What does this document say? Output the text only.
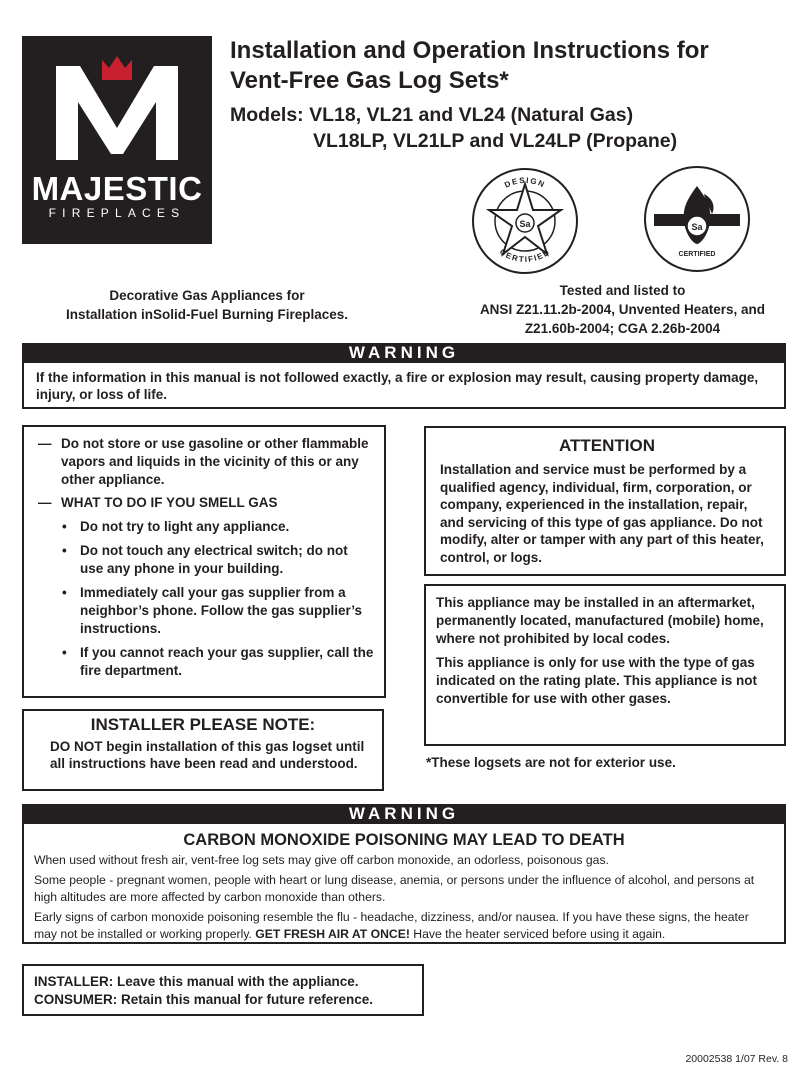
MAJESTIC
FIREPLACES
Installation and Operation Instructions for
Vent-Free Gas Log Sets*
Models: VL18, VL21 and VL24 (Natural Gas)
VL18LP, VL21LP and VL24LP (Propane)
Sa
DESIGN
CERTIFIED
Sa
CERTIFIED
Decorative Gas Appliances for
Installation inSolid-Fuel Burning Fireplaces.
Tested and listed to
ANSI Z21.11.2b-2004, Unvented Heaters, and
Z21.60b-2004; CGA 2.26b-2004
WARNING
If the information in this manual is not followed exactly, a fire or explosion may result, causing property damage, injury, or loss of life.
— Do not store or use gasoline or other flammable vapors and liquids in the vicinity of this or any other appliance.
— WHAT TO DO IF YOU SMELL GAS
• Do not try to light any appliance.
• Do not touch any electrical switch; do not use any phone in your building.
• Immediately call your gas supplier from a neighbor’s phone. Follow the gas supplier’s instructions.
• If you cannot reach your gas supplier, call the fire department.
INSTALLER PLEASE NOTE:
DO NOT begin installation of this gas logset until all instructions have been read and understood.
ATTENTION
Installation and service must be performed by a qualified agency, individual, firm, corporation, or company, experienced in the installation, repair, and servicing of this type of gas appliance. Do not modify, alter or tamper with any part of this heater, control, or logs.

This appliance may be installed in an aftermarket, permanently located, manufactured (mobile) home, where not prohibited by local codes.

This appliance is only for use with the type of gas indicated on the rating plate. This appliance is not convertible for use with other gases.

*These logsets are not for exterior use.
WARNING
CARBON MONOXIDE POISONING MAY LEAD TO DEATH

When used without fresh air, vent-free log sets may give off carbon monoxide, an odorless, poisonous gas.

Some people - pregnant women, people with heart or lung disease, anemia, or persons under the influence of alcohol, and persons at high altitudes are more affected by carbon monoxide than others.

Early signs of carbon monoxide poisoning resemble the flu - headache, dizziness, and/or nausea. If you have these signs, the heater may not be installed or working properly. GET FRESH AIR AT ONCE! Have the heater serviced before using it again.

INSTALLER: Leave this manual with the appliance.
CONSUMER: Retain this manual for future reference.
20002538 1/07 Rev. 8
